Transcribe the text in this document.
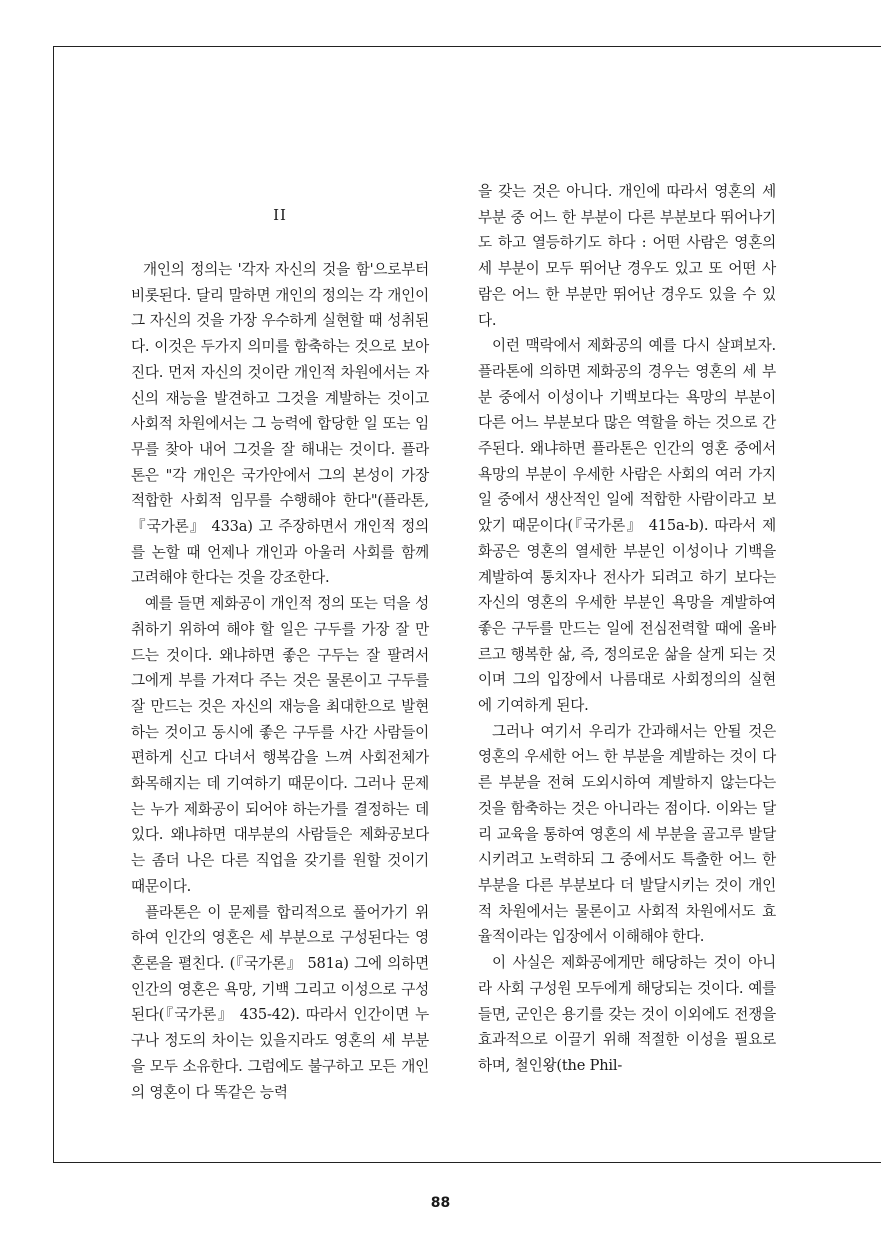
II

개인의 정의는 '각자 자신의 것을 함'으로부터 비롯된다. 달리 말하면 개인의 정의는 각 개인이 그 자신의 것을 가장 우수하게 실현할 때 성취된다. 이것은 두가지 의미를 함축하는 것으로 보아진다. 먼저 자신의 것이란 개인적 차원에서는 자신의 재능을 발견하고 그것을 계발하는 것이고 사회적 차원에서는 그 능력에 합당한 일 또는 임무를 찾아 내어 그것을 잘 해내는 것이다. 플라톤은 "각 개인은 국가안에서 그의 본성이 가장 적합한 사회적 임무를 수행해야 한다"(플라톤, 『국가론』 433a) 고 주장하면서 개인적 정의를 논할 때 언제나 개인과 아울러 사회를 함께 고려해야 한다는 것을 강조한다.

예를 들면 제화공이 개인적 정의 또는 덕을 성취하기 위하여 해야 할 일은 구두를 가장 잘 만드는 것이다. 왜냐하면 좋은 구두는 잘 팔려서 그에게 부를 가져다 주는 것은 물론이고 구두를 잘 만드는 것은 자신의 재능을 최대한으로 발현하는 것이고 동시에 좋은 구두를 사간 사람들이 편하게 신고 다녀서 행복감을 느껴 사회전체가 화목해지는 데 기여하기 때문이다. 그러나 문제는 누가 제화공이 되어야 하는가를 결정하는 데 있다. 왜냐하면 대부분의 사람들은 제화공보다는 좀더 나은 다른 직업을 갖기를 원할 것이기 때문이다.

플라톤은 이 문제를 합리적으로 풀어가기 위하여 인간의 영혼은 세 부분으로 구성된다는 영혼론을 펼친다. (『국가론』 581a) 그에 의하면 인간의 영혼은 욕망, 기백 그리고 이성으로 구성된다(『국가론』 435-42). 따라서 인간이면 누구나 정도의 차이는 있을지라도 영혼의 세 부분을 모두 소유한다. 그럼에도 불구하고 모든 개인의 영혼이 다 똑같은 능력

을 갖는 것은 아니다. 개인에 따라서 영혼의 세 부분 중 어느 한 부분이 다른 부분보다 뛰어나기도 하고 열등하기도 하다 : 어떤 사람은 영혼의 세 부분이 모두 뛰어난 경우도 있고 또 어떤 사람은 어느 한 부분만 뛰어난 경우도 있을 수 있다.

이런 맥락에서 제화공의 예를 다시 살펴보자. 플라톤에 의하면 제화공의 경우는 영혼의 세 부분 중에서 이성이나 기백보다는 욕망의 부분이 다른 어느 부분보다 많은 역할을 하는 것으로 간주된다. 왜냐하면 플라톤은 인간의 영혼 중에서 욕망의 부분이 우세한 사람은 사회의 여러 가지 일 중에서 생산적인 일에 적합한 사람이라고 보았기 때문이다(『국가론』 415a-b). 따라서 제화공은 영혼의 열세한 부분인 이성이나 기백을 계발하여 통치자나 전사가 되려고 하기 보다는 자신의 영혼의 우세한 부분인 욕망을 계발하여 좋은 구두를 만드는 일에 전심전력할 때에 올바르고 행복한 삶, 즉, 정의로운 삶을 살게 되는 것이며 그의 입장에서 나름대로 사회정의의 실현에 기여하게 된다.

그러나 여기서 우리가 간과해서는 안될 것은 영혼의 우세한 어느 한 부분을 계발하는 것이 다른 부분을 전혀 도외시하여 계발하지 않는다는 것을 함축하는 것은 아니라는 점이다. 이와는 달리 교육을 통하여 영혼의 세 부분을 골고루 발달시키려고 노력하되 그 중에서도 특출한 어느 한 부분을 다른 부분보다 더 발달시키는 것이 개인적 차원에서는 물론이고 사회적 차원에서도 효율적이라는 입장에서 이해해야 한다.

이 사실은 제화공에게만 해당하는 것이 아니라 사회 구성원 모두에게 해당되는 것이다. 예를 들면, 군인은 용기를 갖는 것이 이외에도 전쟁을 효과적으로 이끌기 위해 적절한 이성을 필요로 하며, 철인왕(the Phil-

88
